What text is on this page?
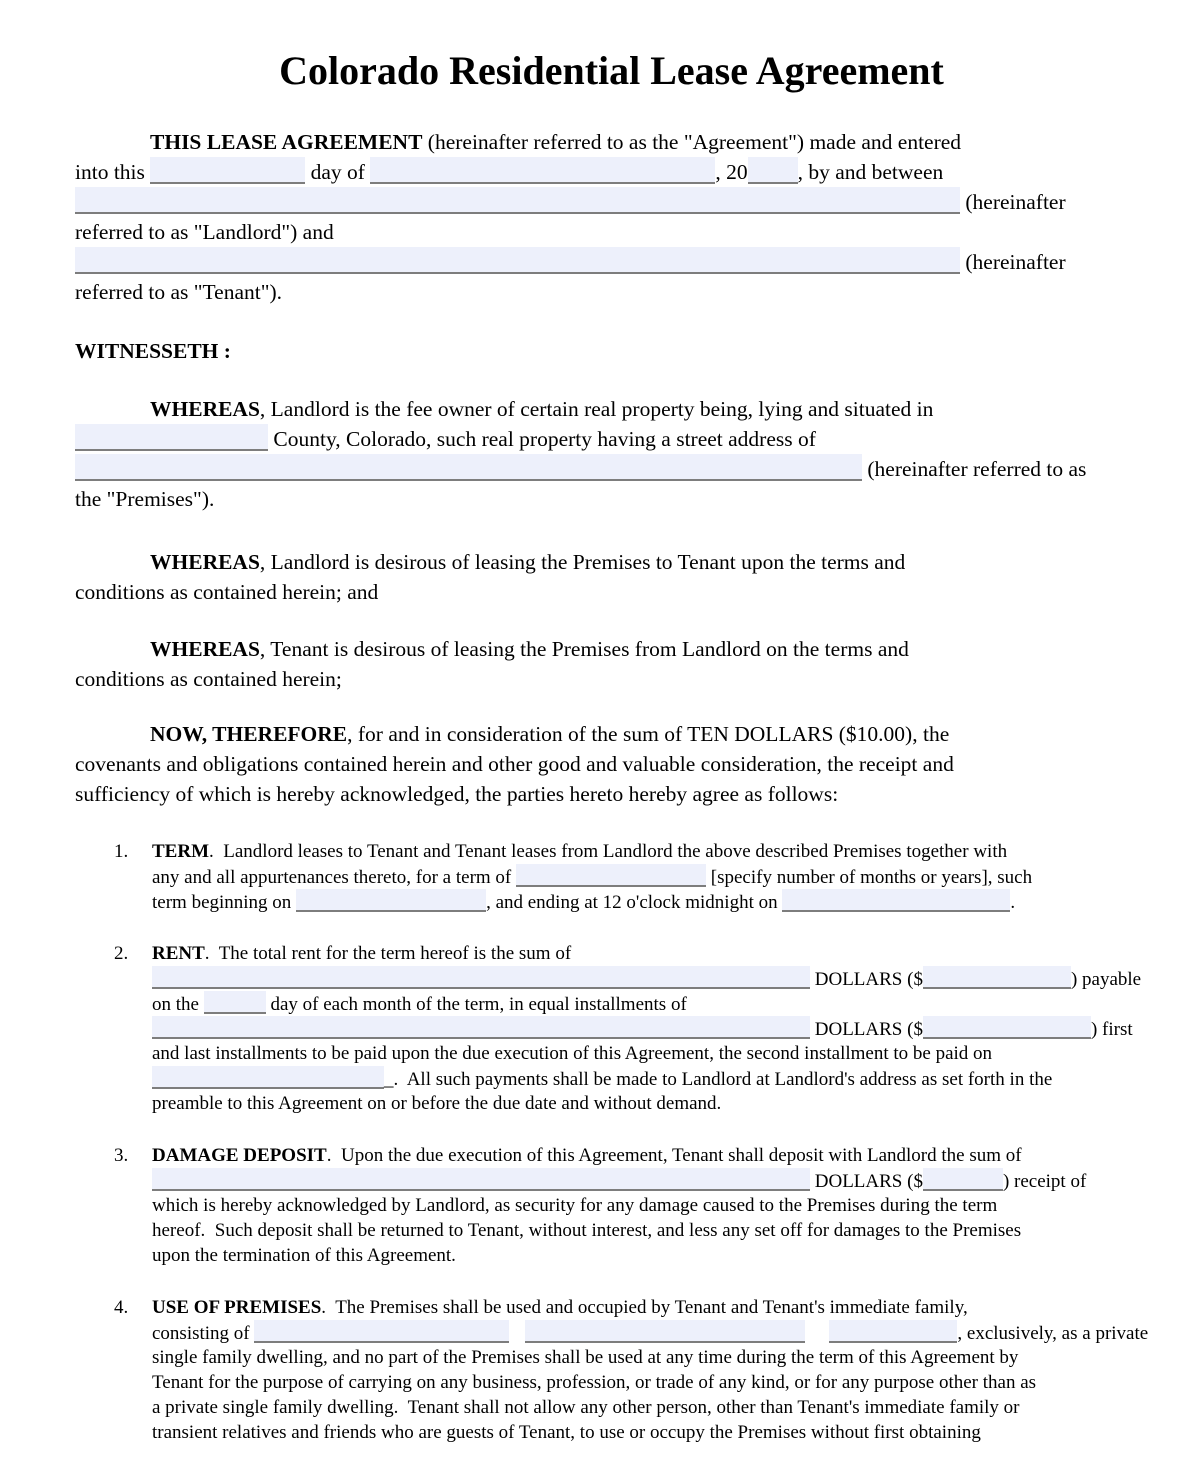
Colorado Residential Lease Agreement
THIS LEASE AGREEMENT (hereinafter referred to as the "Agreement") made and entered
into this	day of	, 20 , by and between
(hereinafter
referred to as "Landlord") and
(hereinafter
referred to as "Tenant").
WITNESSETH :
WHEREAS, Landlord is the fee owner of certain real property being, lying and situated in
County, Colorado, such real property having a street address of
(hereinafter referred to as
the "Premises").
WHEREAS, Landlord is desirous of leasing the Premises to Tenant upon the terms and
conditions as contained herein; and
WHEREAS, Tenant is desirous of leasing the Premises from Landlord on the terms and
conditions as contained herein;
NOW, THEREFORE, for and in consideration of the sum of TEN DOLLARS ($10.00), the
covenants and obligations contained herein and other good and valuable consideration, the receipt and
sufficiency of which is hereby acknowledged, the parties hereto hereby agree as follows:
1. TERM.  Landlord leases to Tenant and Tenant leases from Landlord the above described Premises together with
any and all appurtenances thereto, for a term of	[specify number of months or years], such
term beginning on	, and ending at 12 o'clock midnight on	.
2. RENT.  The total rent for the term hereof is the sum of
DOLLARS ($	) payable
on the	day of each month of the term, in equal installments of
DOLLARS ($	) first
and last installments to be paid upon the due execution of this Agreement, the second installment to be paid on
_.  All such payments shall be made to Landlord at Landlord's address as set forth in the
preamble to this Agreement on or before the due date and without demand.
3. DAMAGE DEPOSIT.  Upon the due execution of this Agreement, Tenant shall deposit with Landlord the sum of
DOLLARS ($	) receipt of
which is hereby acknowledged by Landlord, as security for any damage caused to the Premises during the term
hereof.  Such deposit shall be returned to Tenant, without interest, and less any set off for damages to the Premises
upon the termination of this Agreement.
4. USE OF PREMISES.  The Premises shall be used and occupied by Tenant and Tenant's immediate family,
consisting of	, exclusively, as a private
single family dwelling, and no part of the Premises shall be used at any time during the term of this Agreement by
Tenant for the purpose of carrying on any business, profession, or trade of any kind, or for any purpose other than as
a private single family dwelling.  Tenant shall not allow any other person, other than Tenant's immediate family or
transient relatives and friends who are guests of Tenant, to use or occupy the Premises without first obtaining
